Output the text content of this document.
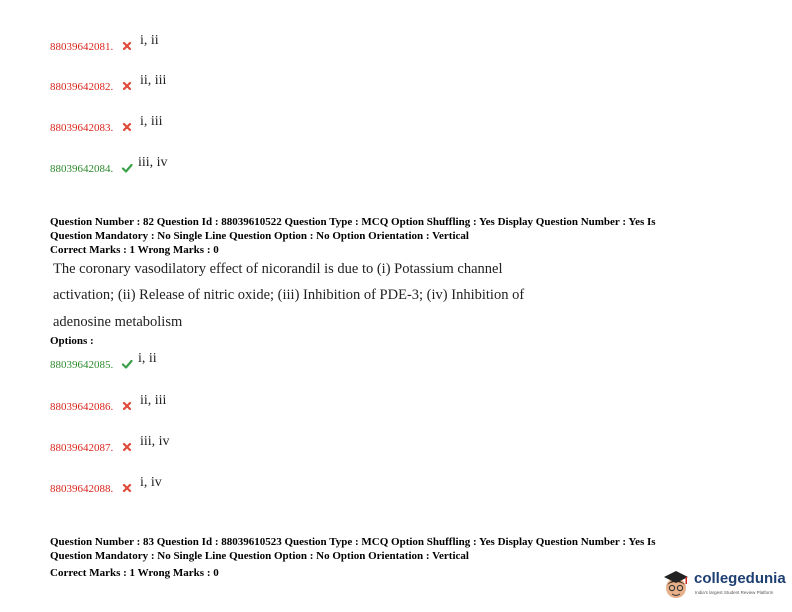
88039642081. i, ii
88039642082. ii, iii
88039642083. i, iii
88039642084. iii, iv
Question Number : 82 Question Id : 88039610522 Question Type : MCQ Option Shuffling : Yes Display Question Number : Yes Is
Question Mandatory : No Single Line Question Option : No Option Orientation : Vertical
Correct Marks : 1 Wrong Marks : 0
The coronary vasodilatory effect of nicorandil is due to (i) Potassium channel
activation; (ii) Release of nitric oxide; (iii) Inhibition of PDE-3; (iv) Inhibition of
adenosine metabolism
Options :
88039642085. i, ii
88039642086. ii, iii
88039642087. iii, iv
88039642088. i, iv
Question Number : 83 Question Id : 88039610523 Question Type : MCQ Option Shuffling : Yes Display Question Number : Yes Is
Question Mandatory : No Single Line Question Option : No Option Orientation : Vertical
Correct Marks : 1 Wrong Marks : 0	collegedunia
India's largest Student Review Platform
